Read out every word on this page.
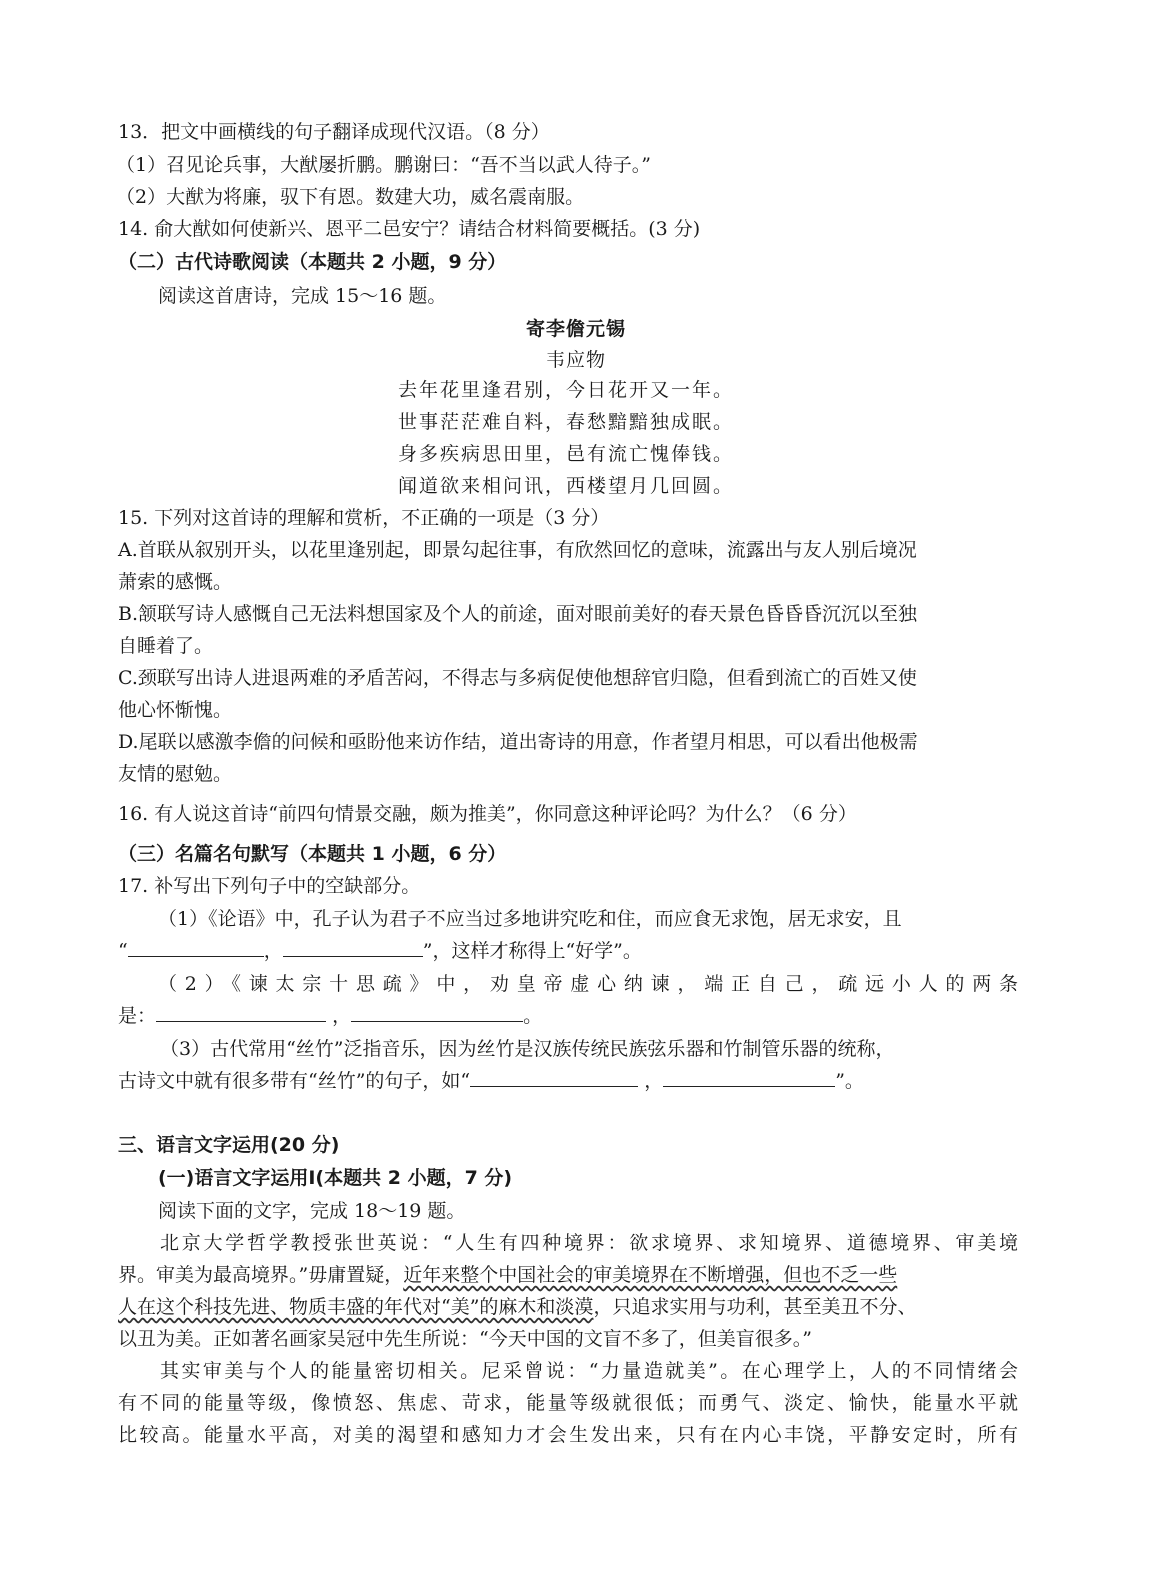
13．把文中画横线的句子翻译成现代汉语。（8 分）
（1）召见论兵事，大猷屡折鹏。鹏谢曰：“吾不当以武人待子。”
（2）大猷为将廉，驭下有恩。数建大功，威名震南服。
14. 俞大猷如何使新兴、恩平二邑安宁？请结合材料简要概括。(3 分)
（二）古代诗歌阅读（本题共 2 小题，9 分）
阅读这首唐诗，完成 15～16 题。
寄李儋元锡
韦应物
去年花里逢君别，今日花开又一年。
世事茫茫难自料，春愁黯黯独成眠。
身多疾病思田里，邑有流亡愧俸钱。
闻道欲来相问讯，西楼望月几回圆。
15. 下列对这首诗的理解和赏析，不正确的一项是（3 分）
A.首联从叙别开头，以花里逢别起，即景勾起往事，有欣然回忆的意味，流露出与友人别后境况
萧索的感慨。
B.颔联写诗人感慨自己无法料想国家及个人的前途，面对眼前美好的春天景色昏昏昏沉沉以至独
自睡着了。
C.颈联写出诗人进退两难的矛盾苦闷，不得志与多病促使他想辞官归隐，但看到流亡的百姓又使
他心怀惭愧。
D.尾联以感激李儋的问候和亟盼他来访作结，道出寄诗的用意，作者望月相思，可以看出他极需
友情的慰勉。
16. 有人说这首诗“前四句情景交融，颇为推美”，你同意这种评论吗？为什么？（6 分）
（三）名篇名句默写（本题共 1 小题，6 分）
17. 补写出下列句子中的空缺部分。
（1）《论语》中，孔子认为君子不应当过多地讲究吃和住，而应食无求饱，居无求安，且
“	，	”，这样才称得上“好学”。
（2）《谏太宗十思疏》中，劝皇帝虚心纳谏，端正自己，疏远小人的两条
是：	，	。
（3）古代常用“丝竹”泛指音乐，因为丝竹是汉族传统民族弦乐器和竹制管乐器的统称，
古诗文中就有很多带有“丝竹”的句子，如“	，	”。
三、语言文字运用(20 分)
(一)语言文字运用Ⅰ(本题共 2 小题，7 分)
阅读下面的文字，完成 18～19 题。
北京大学哲学教授张世英说：“人生有四种境界：欲求境界、求知境界、道德境界、审美境
界。审美为最高境界。”毋庸置疑，近年来整个中国社会的审美境界在不断增强，但也不乏一些
人在这个科技先进、物质丰盛的年代对“美”的麻木和淡漠，只追求实用与功利，甚至美丑不分、
以丑为美。正如著名画家吴冠中先生所说：“今天中国的文盲不多了，但美盲很多。”
其实审美与个人的能量密切相关。尼采曾说：“力量造就美”。在心理学上，人的不同情绪会
有不同的能量等级，像愤怒、焦虑、苛求，能量等级就很低；而勇气、淡定、愉快，能量水平就
比较高。能量水平高，对美的渴望和感知力才会生发出来，只有在内心丰饶，平静安定时，所有
